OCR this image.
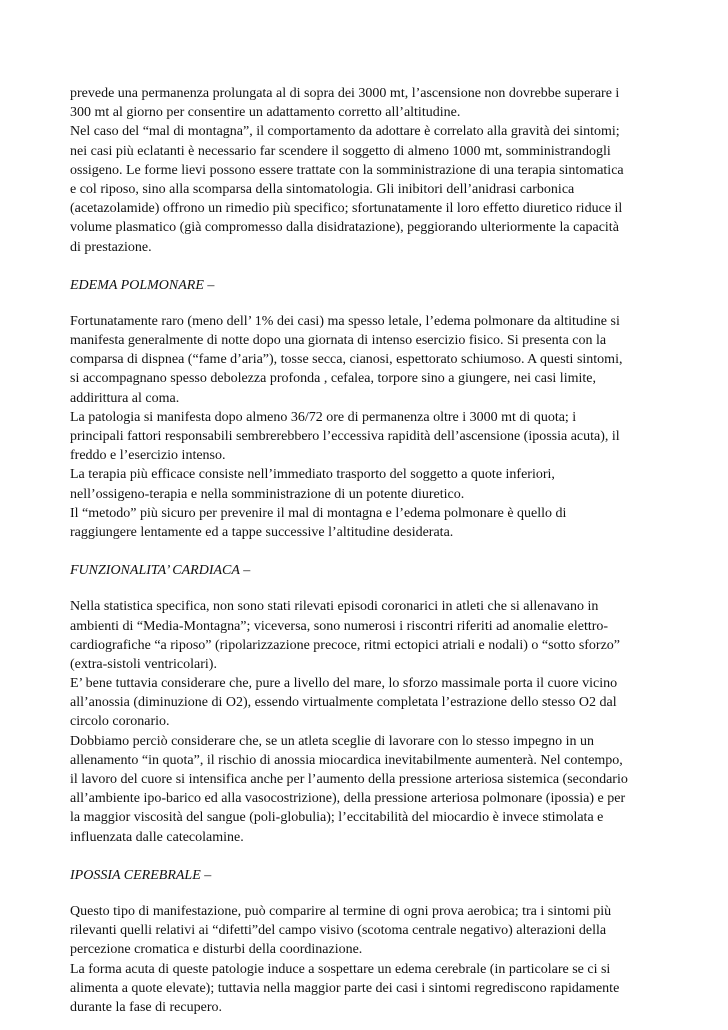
prevede una permanenza prolungata al di sopra dei 3000 mt, l’ascensione non dovrebbe superare i
300 mt al giorno per consentire un adattamento corretto all’altitudine.
Nel caso del “mal di montagna”, il comportamento da adottare è correlato alla gravità dei sintomi;
nei casi più eclatanti è necessario far scendere il soggetto di almeno 1000 mt, somministrandogli
ossigeno. Le forme lievi possono essere trattate con la somministrazione di una terapia sintomatica
e col riposo, sino alla scomparsa della sintomatologia. Gli inibitori dell’anidrasi carbonica
(acetazolamide) offrono un rimedio più specifico; sfortunatamente il loro effetto diuretico riduce il
volume plasmatico (già compromesso dalla disidratazione), peggiorando ulteriormente la capacità
di prestazione.
EDEMA POLMONARE –
Fortunatamente raro (meno dell’ 1% dei casi) ma spesso letale, l’edema polmonare da altitudine si
manifesta generalmente di notte dopo una giornata di intenso esercizio fisico. Si presenta con la
comparsa di dispnea (“fame d’aria”), tosse secca, cianosi, espettorato schiumoso. A questi sintomi,
si accompagnano spesso debolezza profonda , cefalea, torpore sino a giungere, nei casi limite,
addirittura al coma.
La patologia si manifesta dopo almeno 36/72 ore di permanenza oltre i 3000 mt di quota; i
principali fattori responsabili sembrerebbero l’eccessiva rapidità dell’ascensione (ipossia acuta), il
freddo e l’esercizio intenso.
La terapia più efficace consiste nell’immediato trasporto del soggetto a quote inferiori,
nell’ossigeno-terapia e nella somministrazione di un potente diuretico.
Il “metodo” più sicuro per prevenire il mal di montagna e l’edema polmonare è quello di
raggiungere lentamente ed a tappe successive l’altitudine desiderata.
FUNZIONALITA’ CARDIACA –
Nella statistica specifica, non sono stati rilevati episodi coronarici in atleti che si allenavano in
ambienti di “Media-Montagna”; viceversa, sono numerosi i riscontri riferiti ad anomalie elettro-
cardiografiche “a riposo” (ripolarizzazione precoce, ritmi ectopici atriali e nodali) o “sotto sforzo”
(extra-sistoli ventricolari).
E’ bene tuttavia considerare che, pure a livello del mare, lo sforzo massimale porta il cuore vicino
all’anossia (diminuzione di O2), essendo virtualmente completata l’estrazione dello stesso O2 dal
circolo coronario.
Dobbiamo perciò considerare che, se un atleta sceglie di lavorare con lo stesso impegno in un
allenamento “in quota”, il rischio di anossia miocardica inevitabilmente aumenterà. Nel contempo,
il lavoro del cuore si intensifica anche per l’aumento della pressione arteriosa sistemica (secondario
all’ambiente ipo-barico ed alla vasocostrizione), della pressione arteriosa polmonare (ipossia) e per
la maggior viscosità del sangue (poli-globulia); l’eccitabilità del miocardio è invece stimolata e
influenzata dalle catecolamine.
IPOSSIA CEREBRALE –
Questo tipo di manifestazione, può comparire al termine di ogni prova aerobica; tra i sintomi più
rilevanti quelli relativi ai “difetti”del campo visivo (scotoma centrale negativo) alterazioni della
percezione cromatica e disturbi della coordinazione.
La forma acuta di queste patologie induce a sospettare un edema cerebrale (in particolare se ci si
alimenta a quote elevate); tuttavia nella maggior parte dei casi i sintomi regrediscono rapidamente
durante la fase di recupero.
